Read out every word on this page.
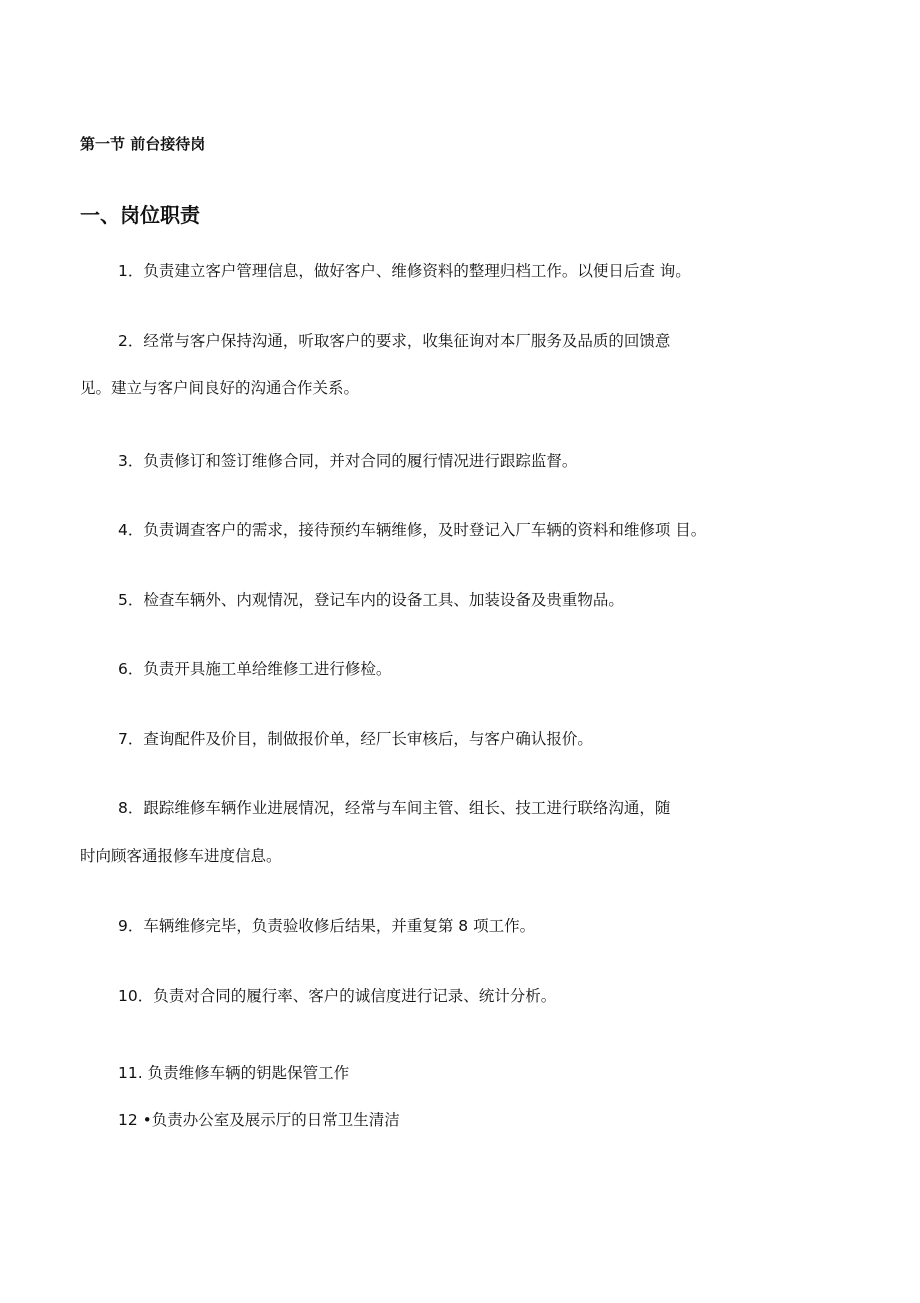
第一节 前台接待岗
一、岗位职责
1．负责建立客户管理信息，做好客户、维修资料的整理归档工作。以便日后查 询。
2．经常与客户保持沟通，听取客户的要求，收集征询对本厂服务及品质的回馈意
见。建立与客户间良好的沟通合作关系。
3．负责修订和签订维修合同，并对合同的履行情况进行跟踪监督。
4．负责调查客户的需求，接待预约车辆维修，及时登记入厂车辆的资料和维修项 目。
5．检查车辆外、内观情况，登记车内的设备工具、加装设备及贵重物品。
6．负责开具施工单给维修工进行修检。
7．查询配件及价目，制做报价单，经厂长审核后，与客户确认报价。
8．跟踪维修车辆作业进展情况，经常与车间主管、组长、技工进行联络沟通，随
时向顾客通报修车进度信息。
9．车辆维修完毕，负责验收修后结果，并重复第 8 项工作。
10．负责对合同的履行率、客户的诚信度进行记录、统计分析。
11. 负责维修车辆的钥匙保管工作
12 •负责办公室及展示厅的日常卫生清洁
